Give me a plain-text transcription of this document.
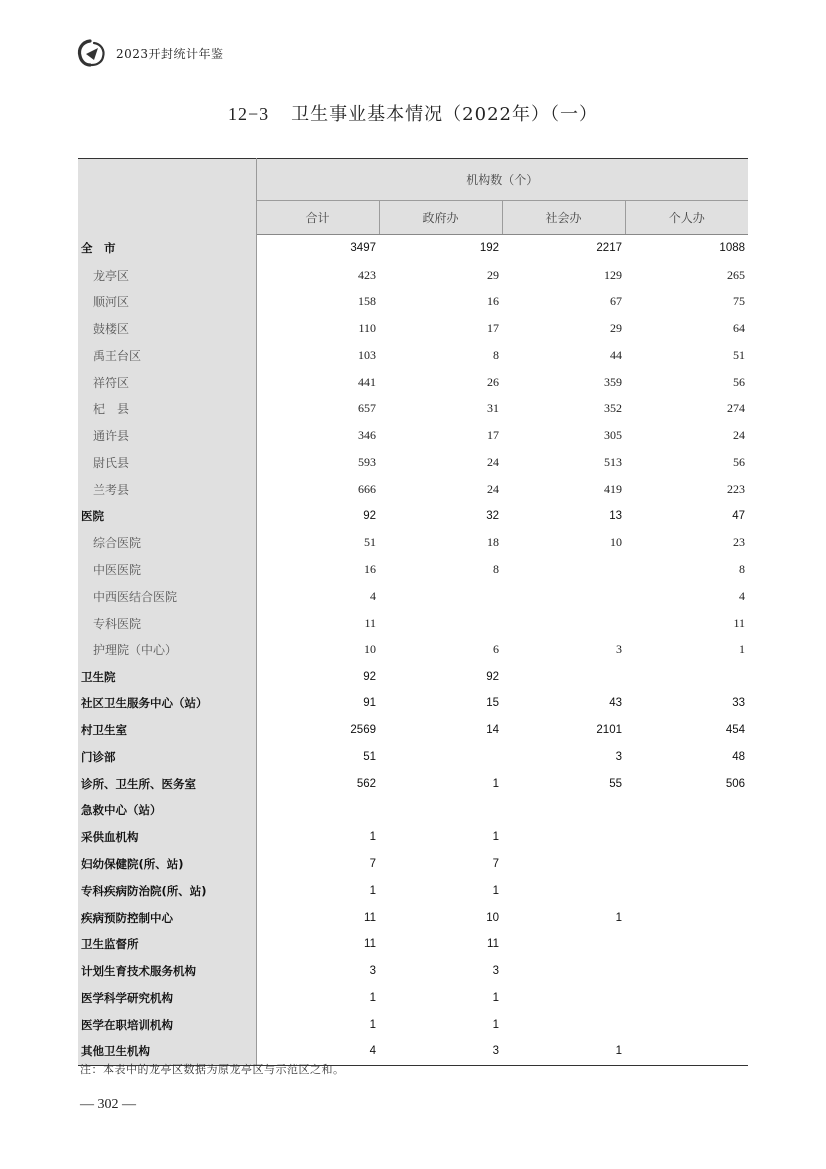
2023开封统计年鉴
12−3 卫生事业基本情况（2022年）（一）
	机构数（个）			
	合计	政府办	社会办	个人办
全　市	3497	192	2217	1088
龙亭区	423	29	129	265
顺河区	158	16	67	75
鼓楼区	110	17	29	64
禹王台区	103	8	44	51
祥符区	441	26	359	56
杞　县	657	31	352	274
通许县	346	17	305	24
尉氏县	593	24	513	56
兰考县	666	24	419	223
医院	92	32	13	47
综合医院	51	18	10	23
中医医院	16	8		8
中西医结合医院	4			4
专科医院	11			11
护理院（中心）	10	6	3	1
卫生院	92	92		
社区卫生服务中心（站）	91	15	43	33
村卫生室	2569	14	2101	454
门诊部	51		3	48
诊所、卫生所、医务室	562	1	55	506
急救中心（站）				
采供血机构	1	1		
妇幼保健院(所、站)	7	7		
专科疾病防治院(所、站)	1	1		
疾病预防控制中心	11	10	1	
卫生监督所	11	11		
计划生育技术服务机构	3	3		
医学科学研究机构	1	1		
医学在职培训机构	1	1		
其他卫生机构	4	3	1	
注：本表中的龙亭区数据为原龙亭区与示范区之和。
— 302 —
